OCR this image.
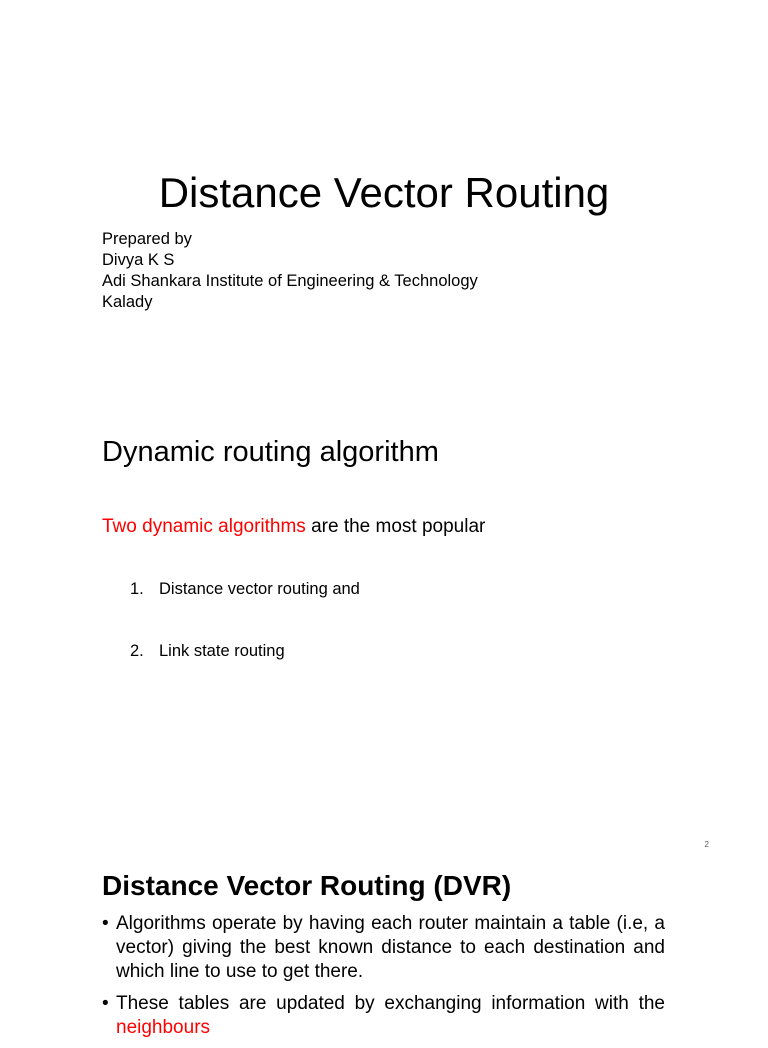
Distance Vector Routing
Prepared by
Divya K S
Adi Shankara Institute of Engineering & Technology
Kalady
Dynamic routing algorithm
Two dynamic algorithms are the most popular
1. Distance vector routing and
2. Link state routing
2
Distance Vector Routing (DVR)
• Algorithms operate by having each router maintain a table (i.e, a vector) giving the best known distance to each destination and which line to use to get there.
• These tables are updated by exchanging information with the neighbours
